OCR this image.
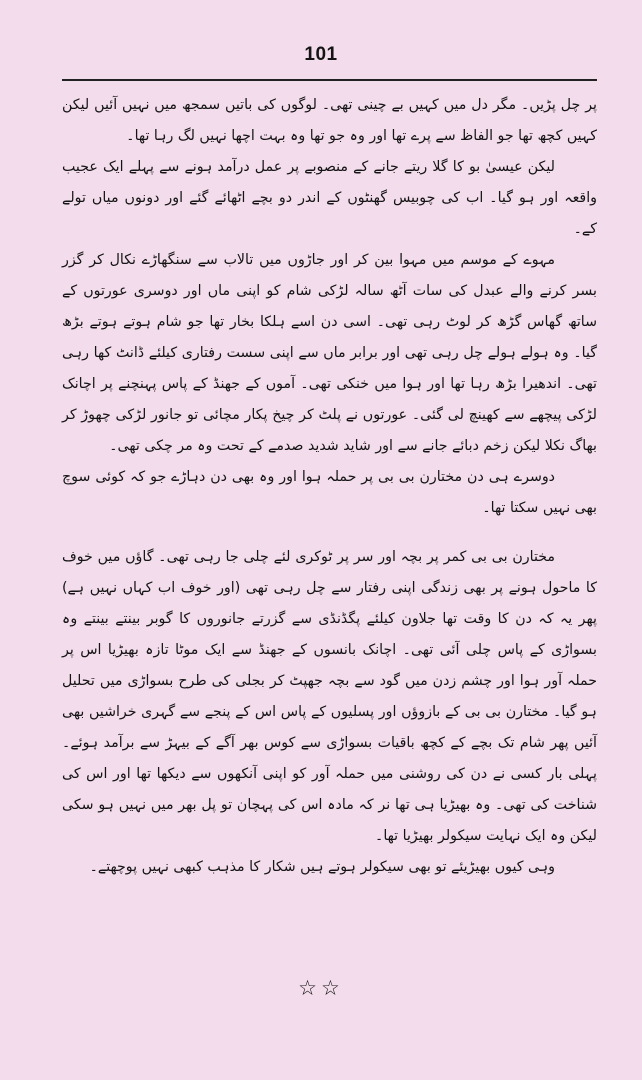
101

پر چل پڑیں۔ مگر دل میں کہیں بے چینی تھی۔ لوگوں کی باتیں سمجھ میں نہیں آئیں لیکن کہیں کچھ تھا جو الفاظ سے پرے تھا اور وہ جو تھا وہ بہت اچھا نہیں لگ رہا تھا۔

لیکن عیسیٰ بو کا گلا ریتے جانے کے منصوبے پر عمل درآمد ہونے سے پہلے ایک عجیب واقعہ اور ہو گیا۔ اب کی چوبیس گھنٹوں کے اندر دو بچے اٹھائے گئے اور دونوں میاں تولے کے۔

مہوے کے موسم میں مہوا بین کر اور جاڑوں میں تالاب سے سنگھاڑے نکال کر گزر بسر کرنے والے عبدل کی سات آٹھ سالہ لڑکی شام کو اپنی ماں اور دوسری عورتوں کے ساتھ گھاس گڑھ کر لوٹ رہی تھی۔ اسی دن اسے ہلکا بخار تھا جو شام ہوتے ہوتے بڑھ گیا۔ وہ ہولے ہولے چل رہی تھی اور برابر ماں سے اپنی سست رفتاری کیلئے ڈانٹ کھا رہی تھی۔ اندھیرا بڑھ رہا تھا اور ہوا میں خنکی تھی۔ آموں کے جھنڈ کے پاس پہنچنے پر اچانک لڑکی پیچھے سے کھینچ لی گئی۔ عورتوں نے پلٹ کر چیخ پکار مچائی تو جانور لڑکی چھوڑ کر بھاگ نکلا لیکن زخم دبائے جانے سے اور شاید شدید صدمے کے تحت وہ مر چکی تھی۔

دوسرے ہی دن مختارن بی بی پر حملہ ہوا اور وہ بھی دن دہاڑے جو کہ کوئی سوچ بھی نہیں سکتا تھا۔

مختارن بی بی کمر پر بچہ اور سر پر ٹوکری لئے چلی جا رہی تھی۔ گاؤں میں خوف کا ماحول ہونے پر بھی زندگی اپنی رفتار سے چل رہی تھی (اور خوف اب کہاں نہیں ہے) پھر یہ کہ دن کا وقت تھا جلاون کیلئے پگڈنڈی سے گزرتے جانوروں کا گوبر بینتے بینتے وہ بسواڑی کے پاس چلی آئی تھی۔ اچانک بانسوں کے جھنڈ سے ایک موٹا تازہ بھیڑیا اس پر حملہ آور ہوا اور چشم زدن میں گود سے بچہ جھپٹ کر بجلی کی طرح بسواڑی میں تحلیل ہو گیا۔ مختارن بی بی کے بازوؤں اور پسلیوں کے پاس اس کے پنجے سے گہری خراشیں بھی آئیں پھر شام تک بچے کے کچھ باقیات بسواڑی سے کوس بھر آگے کے بیہڑ سے برآمد ہوئے۔ پہلی بار کسی نے دن کی روشنی میں حملہ آور کو اپنی آنکھوں سے دیکھا تھا اور اس کی شناخت کی تھی۔ وہ بھیڑیا ہی تھا نر کہ مادہ اس کی پہچان تو پل بھر میں نہیں ہو سکی لیکن وہ ایک نہایت سیکولر بھیڑیا تھا۔

وہی کیوں بھیڑیئے تو بھی سیکولر ہوتے ہیں شکار کا مذہب کبھی نہیں پوچھتے۔

☆☆
